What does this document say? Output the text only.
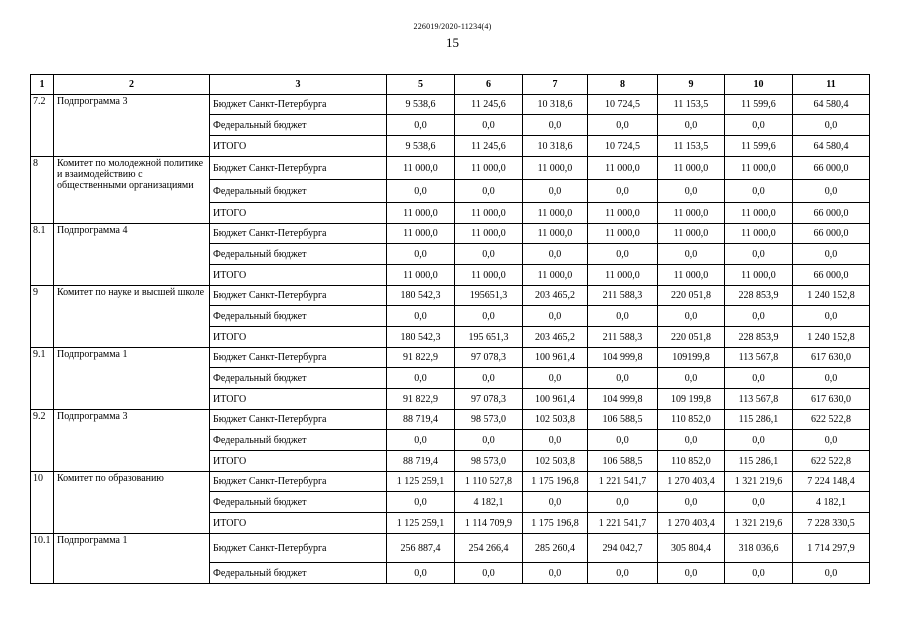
226019/2020-11234(4)
15
1	2	3	5	6	7	8	9	10	11
7.2	Подпрограмма 3	Бюджет Санкт-Петербурга	9 538,6	11 245,6	10 318,6	10 724,5	11 153,5	11 599,6	64 580,4
		Федеральный бюджет	0,0	0,0	0,0	0,0	0,0	0,0	0,0
		ИТОГО	9 538,6	11 245,6	10 318,6	10 724,5	11 153,5	11 599,6	64 580,4
8	Комитет по молодежной политике и взаимодействию с общественными организациями	Бюджет Санкт-Петербурга	11 000,0	11 000,0	11 000,0	11 000,0	11 000,0	11 000,0	66 000,0
		Федеральный бюджет	0,0	0,0	0,0	0,0	0,0	0,0	0,0
		ИТОГО	11 000,0	11 000,0	11 000,0	11 000,0	11 000,0	11 000,0	66 000,0
8.1	Подпрограмма 4	Бюджет Санкт-Петербурга	11 000,0	11 000,0	11 000,0	11 000,0	11 000,0	11 000,0	66 000,0
		Федеральный бюджет	0,0	0,0	0,0	0,0	0,0	0,0	0,0
		ИТОГО	11 000,0	11 000,0	11 000,0	11 000,0	11 000,0	11 000,0	66 000,0
9	Комитет по науке и высшей школе	Бюджет Санкт-Петербурга	180 542,3	195651,3	203 465,2	211 588,3	220 051,8	228 853,9	1 240 152,8
		Федеральный бюджет	0,0	0,0	0,0	0,0	0,0	0,0	0,0
		ИТОГО	180 542,3	195 651,3	203 465,2	211 588,3	220 051,8	228 853,9	1 240 152,8
9.1	Подпрограмма 1	Бюджет Санкт-Петербурга	91 822,9	97 078,3	100 961,4	104 999,8	109199,8	113 567,8	617 630,0
		Федеральный бюджет	0,0	0,0	0,0	0,0	0,0	0,0	0,0
		ИТОГО	91 822,9	97 078,3	100 961,4	104 999,8	109 199,8	113 567,8	617 630,0
9.2	Подпрограмма 3	Бюджет Санкт-Петербурга	88 719,4	98 573,0	102 503,8	106 588,5	110 852,0	115 286,1	622 522,8
		Федеральный бюджет	0,0	0,0	0,0	0,0	0,0	0,0	0,0
		ИТОГО	88 719,4	98 573,0	102 503,8	106 588,5	110 852,0	115 286,1	622 522,8
10	Комитет по образованию	Бюджет Санкт-Петербурга	1 125 259,1	1 110 527,8	1 175 196,8	1 221 541,7	1 270 403,4	1 321 219,6	7 224 148,4
		Федеральный бюджет	0,0	4 182,1	0,0	0,0	0,0	0,0	4 182,1
		ИТОГО	1 125 259,1	1 114 709,9	1 175 196,8	1 221 541,7	1 270 403,4	1 321 219,6	7 228 330,5
10.1	Подпрограмма 1	Бюджет Санкт-Петербурга	256 887,4	254 266,4	285 260,4	294 042,7	305 804,4	318 036,6	1 714 297,9
		Федеральный бюджет	0,0	0,0	0,0	0,0	0,0	0,0	0,0
